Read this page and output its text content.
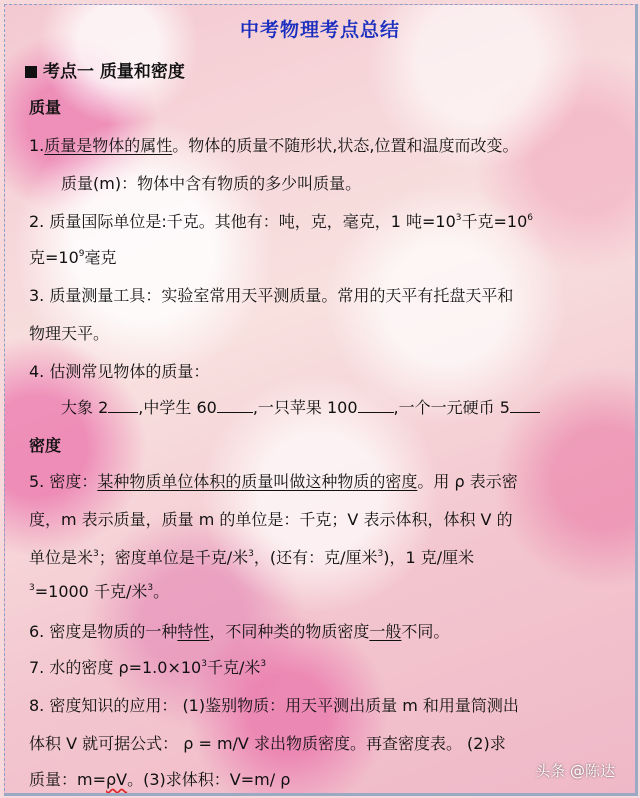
中考物理考点总结
考点一 质量和密度
质量
1.质量是物体的属性。物体的质量不随形状,状态,位置和温度而改变。
质量(m)：物体中含有物质的多少叫质量。
2. 质量国际单位是:千克。其他有：吨，克，毫克，1 吨$=10^3$千克$=10^6$
克$=10^9$毫克
3. 质量测量工具：实验室常用天平测质量。常用的天平有托盘天平和
物理天平。
4. 估测常见物体的质量：
大象 2 ,中学生 60 ,一只苹果 100 ,一个一元硬币 5
密度
5. 密度：某种物质单位体积的质量叫做这种物质的密度。用 ρ 表示密
度，m 表示质量，质量 m 的单位是：千克；V 表示体积，体积 V 的
单位是米$^3$；密度单位是千克/米$^3$，(还有：克/厘米$^3$)，1 克/厘米
$^3$=1000 千克/米$^3$。
6. 密度是物质的一种特性，不同种类的物质密度一般不同。
7. 水的密度 $\rho=1.0\times 10^3$千克/米$^3$
8. 密度知识的应用： (1)鉴别物质：用天平测出质量 m 和用量筒测出
体积 V 就可据公式： ρ = m/V 求出物质密度。再查密度表。 (2)求
质量：m=ρV。(3)求体积：V=m/ ρ	头条 @陈达
